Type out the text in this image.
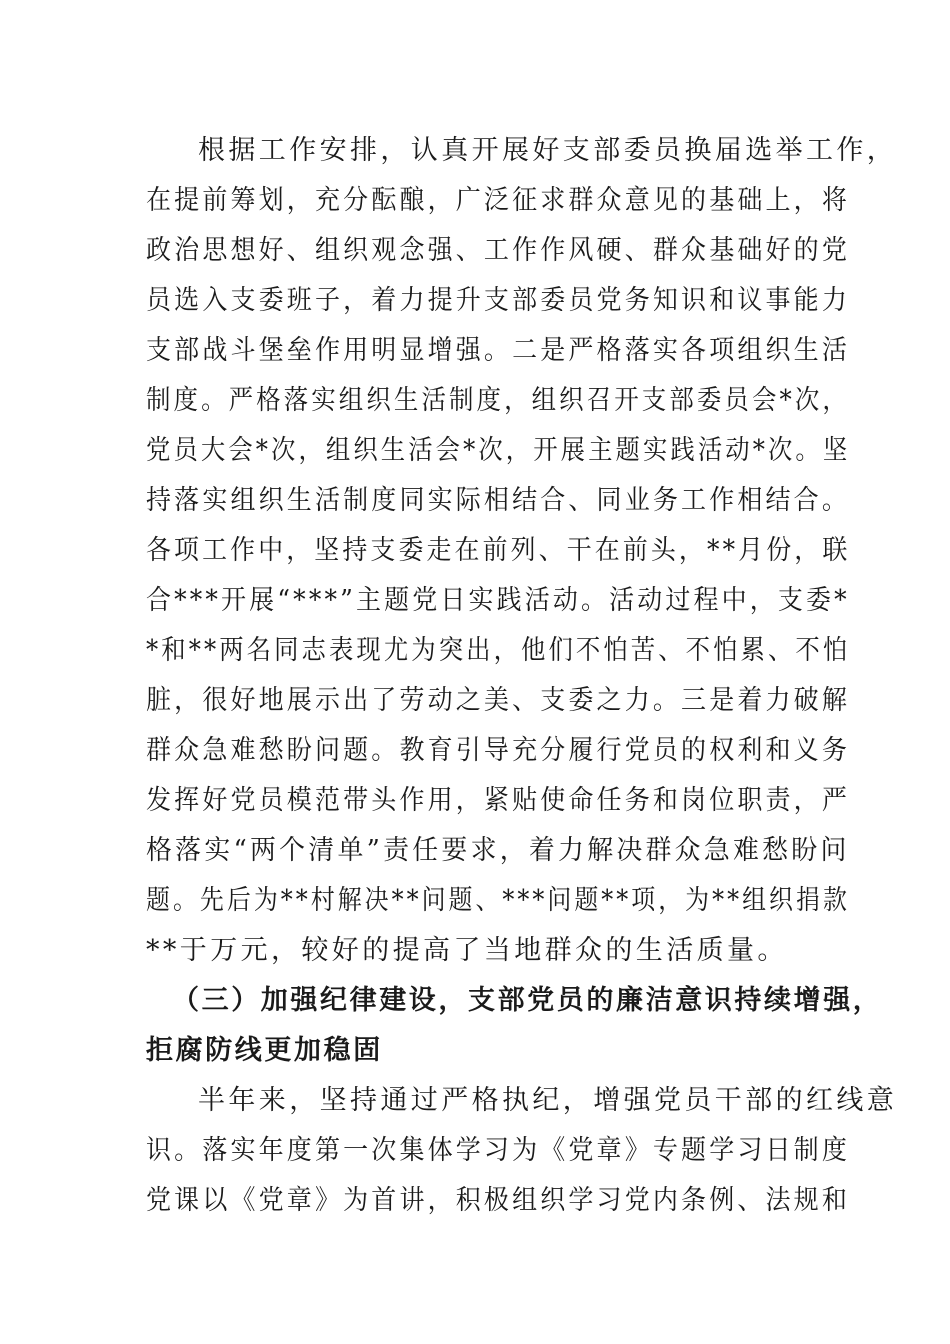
根据工作安排，认真开展好支部委员换届选举工作，
在提前筹划，充分酝酿，广泛征求群众意见的基础上，将
政治思想好、组织观念强、工作作风硬、群众基础好的党
员选入支委班子，着力提升支部委员党务知识和议事能力
支部战斗堡垒作用明显增强。二是严格落实各项组织生活
制度。严格落实组织生活制度，组织召开支部委员会*次，
党员大会*次，组织生活会*次，开展主题实践活动*次。坚
持落实组织生活制度同实际相结合、同业务工作相结合。
各项工作中，坚持支委走在前列、干在前头，**月份，联
合***开展“***”主题党日实践活动。活动过程中，支委*
*和**两名同志表现尤为突出，他们不怕苦、不怕累、不怕
脏，很好地展示出了劳动之美、支委之力。三是着力破解
群众急难愁盼问题。教育引导充分履行党员的权利和义务
发挥好党员模范带头作用，紧贴使命任务和岗位职责，严
格落实“两个清单”责任要求，着力解决群众急难愁盼问
题。先后为**村解决**问题、***问题**项，为**组织捐款
**于万元，较好的提高了当地群众的生活质量。
（三）加强纪律建设，支部党员的廉洁意识持续增强，
拒腐防线更加稳固
半年来，坚持通过严格执纪，增强党员干部的红线意
识。落实年度第一次集体学习为《党章》专题学习日制度
党课以《党章》为首讲，积极组织学习党内条例、法规和
